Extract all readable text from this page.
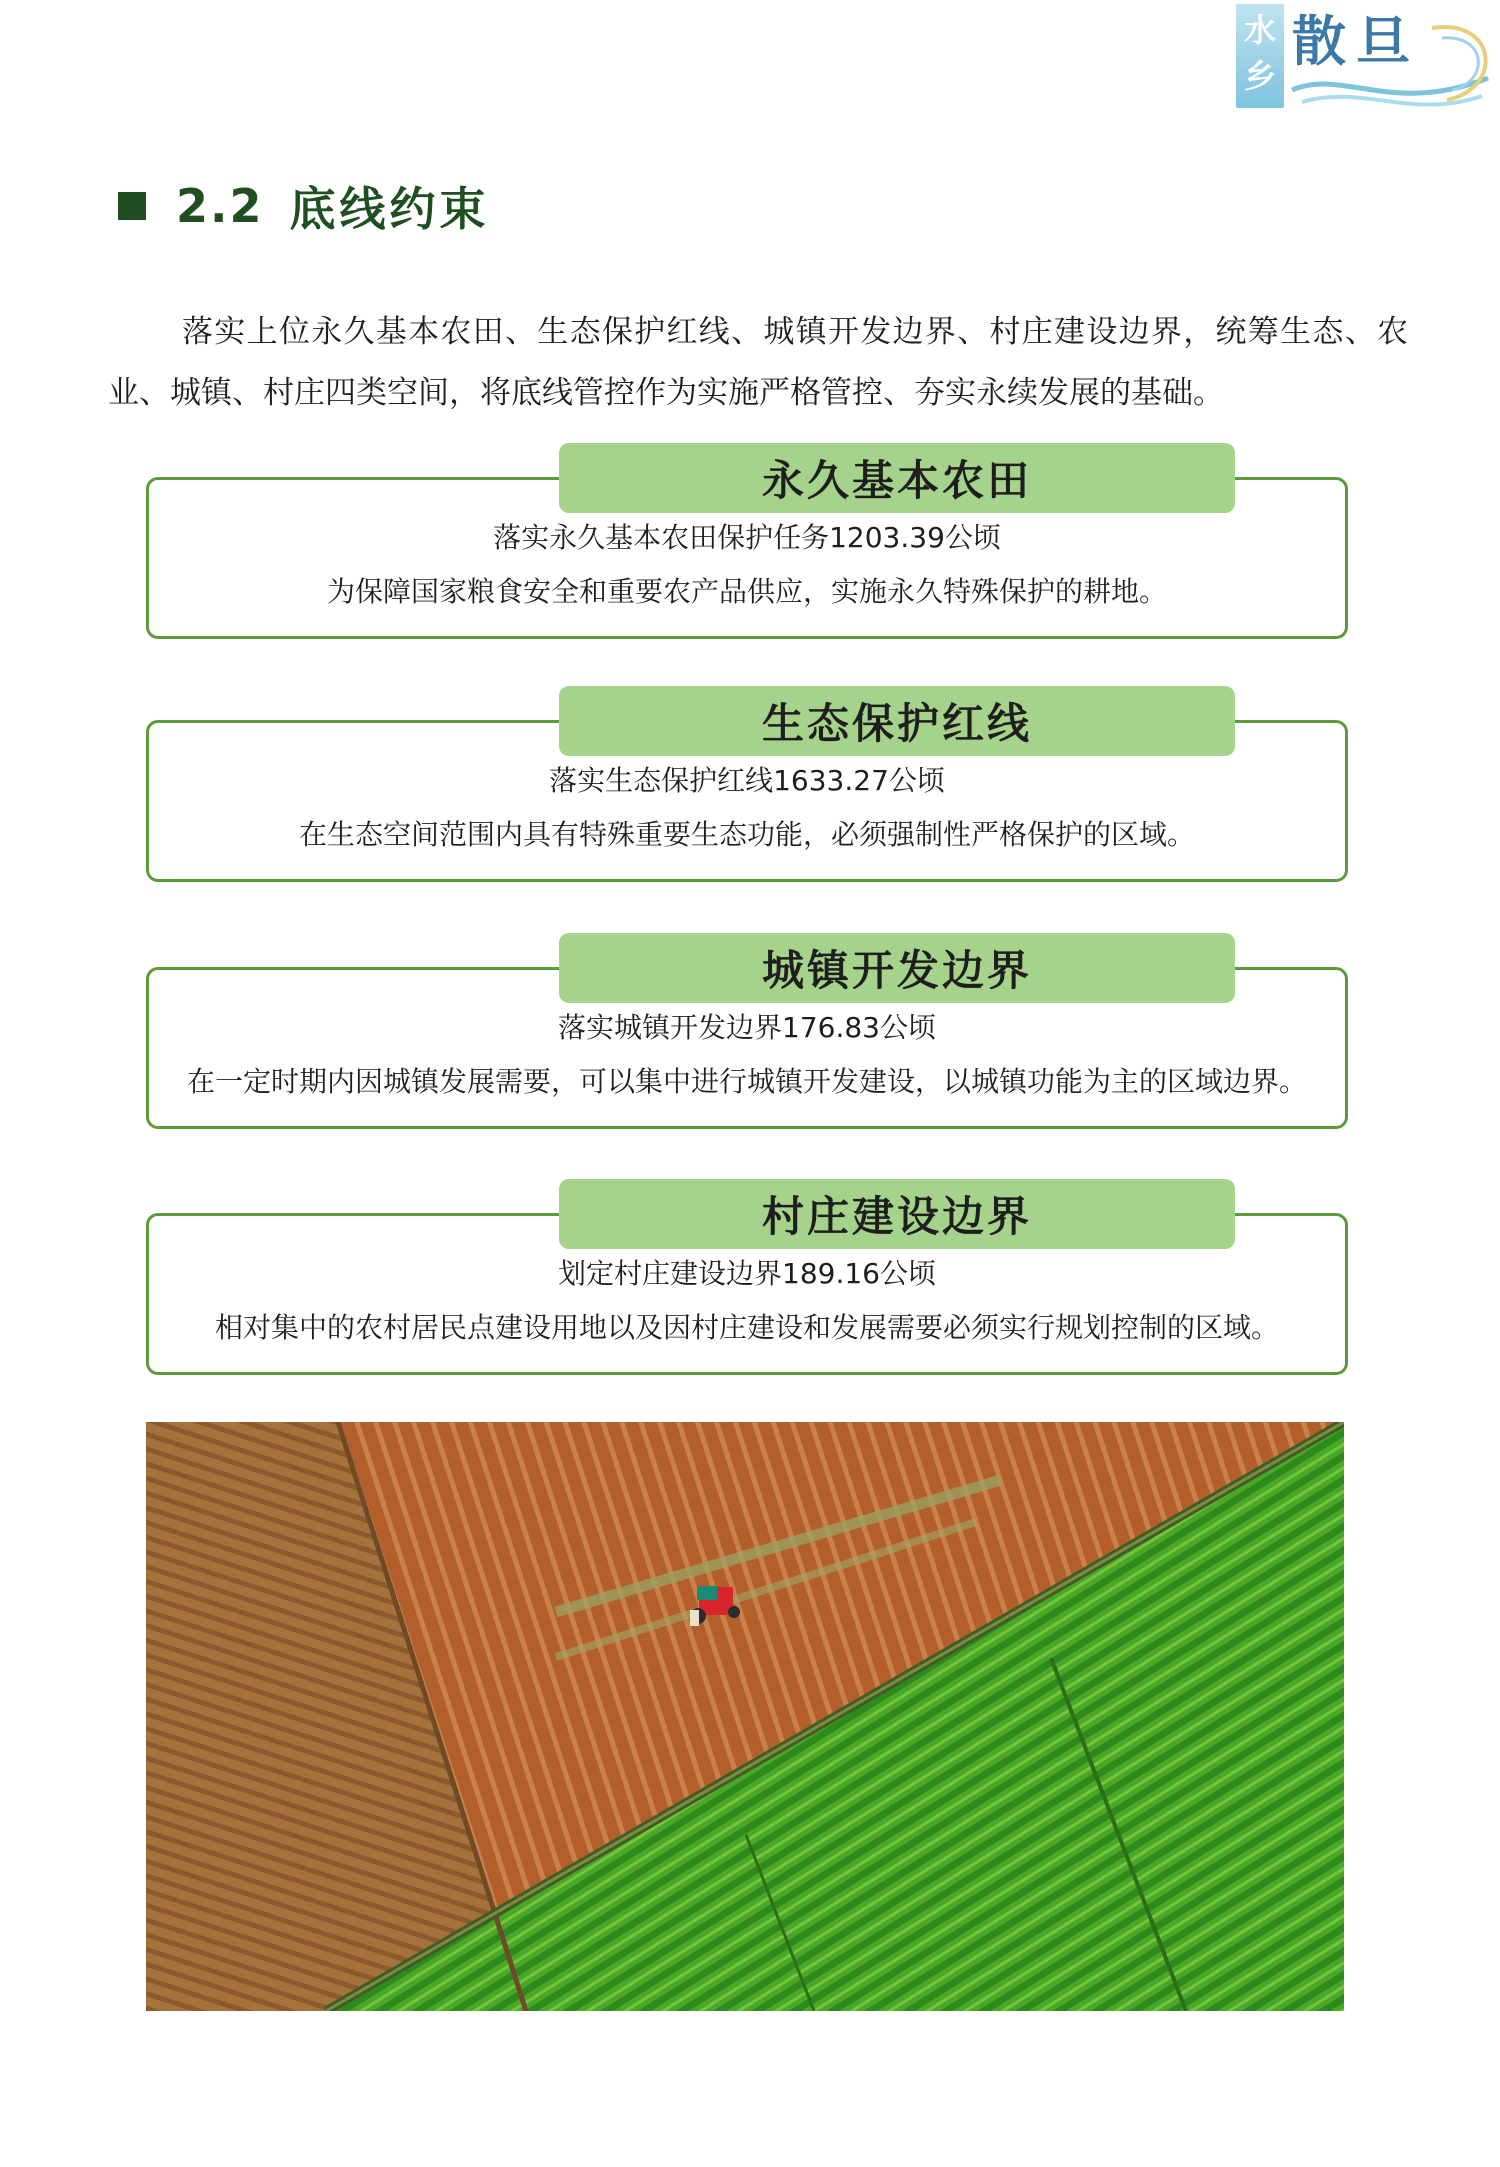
水
乡
散旦
2.2 底线约束

落实上位永久基本农田、生态保护红线、城镇开发边界、村庄建设边界，统筹生态、农业、城镇、村庄四类空间，将底线管控作为实施严格管控、夯实永续发展的基础。

永久基本农田
落实永久基本农田保护任务1203.39公顷
为保障国家粮食安全和重要农产品供应，实施永久特殊保护的耕地。
生态保护红线
落实生态保护红线1633.27公顷
在生态空间范围内具有特殊重要生态功能，必须强制性严格保护的区域。
城镇开发边界
落实城镇开发边界176.83公顷
在一定时期内因城镇发展需要，可以集中进行城镇开发建设，以城镇功能为主的区域边界。
村庄建设边界
划定村庄建设边界189.16公顷
相对集中的农村居民点建设用地以及因村庄建设和发展需要必须实行规划控制的区域。
